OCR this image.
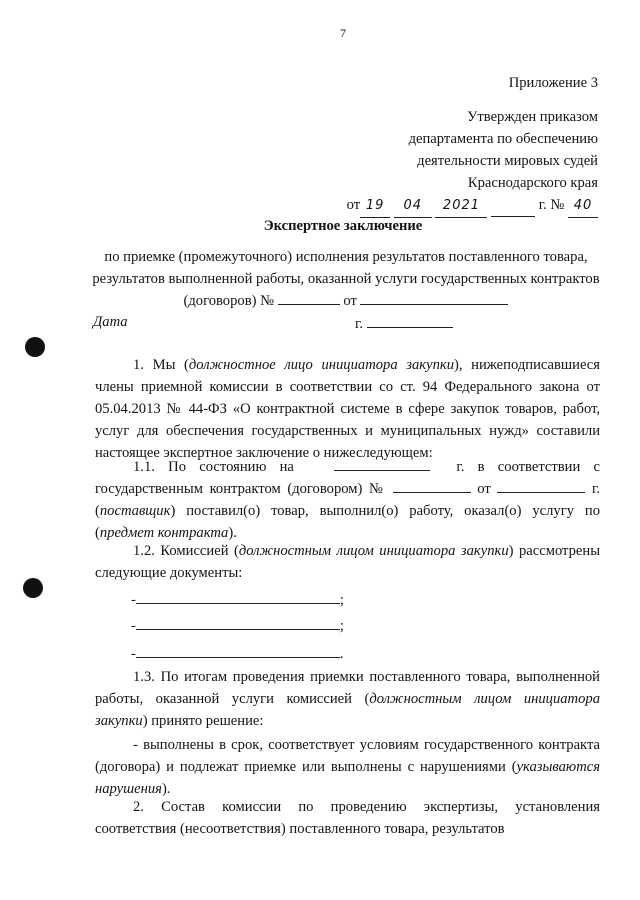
7
Приложение 3
Утвержден приказом
департамента по обеспечению
деятельности мировых судей
Краснодарского края
от 19 04 2021	г. № 40
Экспертное заключение
по приемке (промежуточного) исполнения результатов поставленного товара, результатов выполненной работы, оказанной услуги государственных контрактов (договоров) №	от
Дата	г.
1. Мы (должностное лицо инициатора закупки), нижеподписавшиеся члены приемной комиссии в соответствии со ст. 94 Федерального закона от 05.04.2013 № 44-ФЗ «О контрактной системе в сфере закупок товаров, работ, услуг для обеспечения государственных и муниципальных нужд» составили настоящее экспертное заключение о нижеследующем:
1.1. По состоянию на	г. в соответствии с государственным контрактом (договором) №	от	г. (поставщик) поставил(о) товар, выполнил(о) работу, оказал(о) услугу по (предмет контракта).
1.2. Комиссией (должностным лицом инициатора закупки) рассмотрены следующие документы:
-	;
-	;
-	.
1.3. По итогам проведения приемки поставленного товара, выполненной работы, оказанной услуги комиссией (должностным лицом инициатора закупки) принято решение:
- выполнены в срок, соответствует условиям государственного контракта (договора) и подлежат приемке или выполнены с нарушениями (указываются нарушения).
2. Состав комиссии по проведению экспертизы, установления соответствия (несоответствия) поставленного товара, результатов
